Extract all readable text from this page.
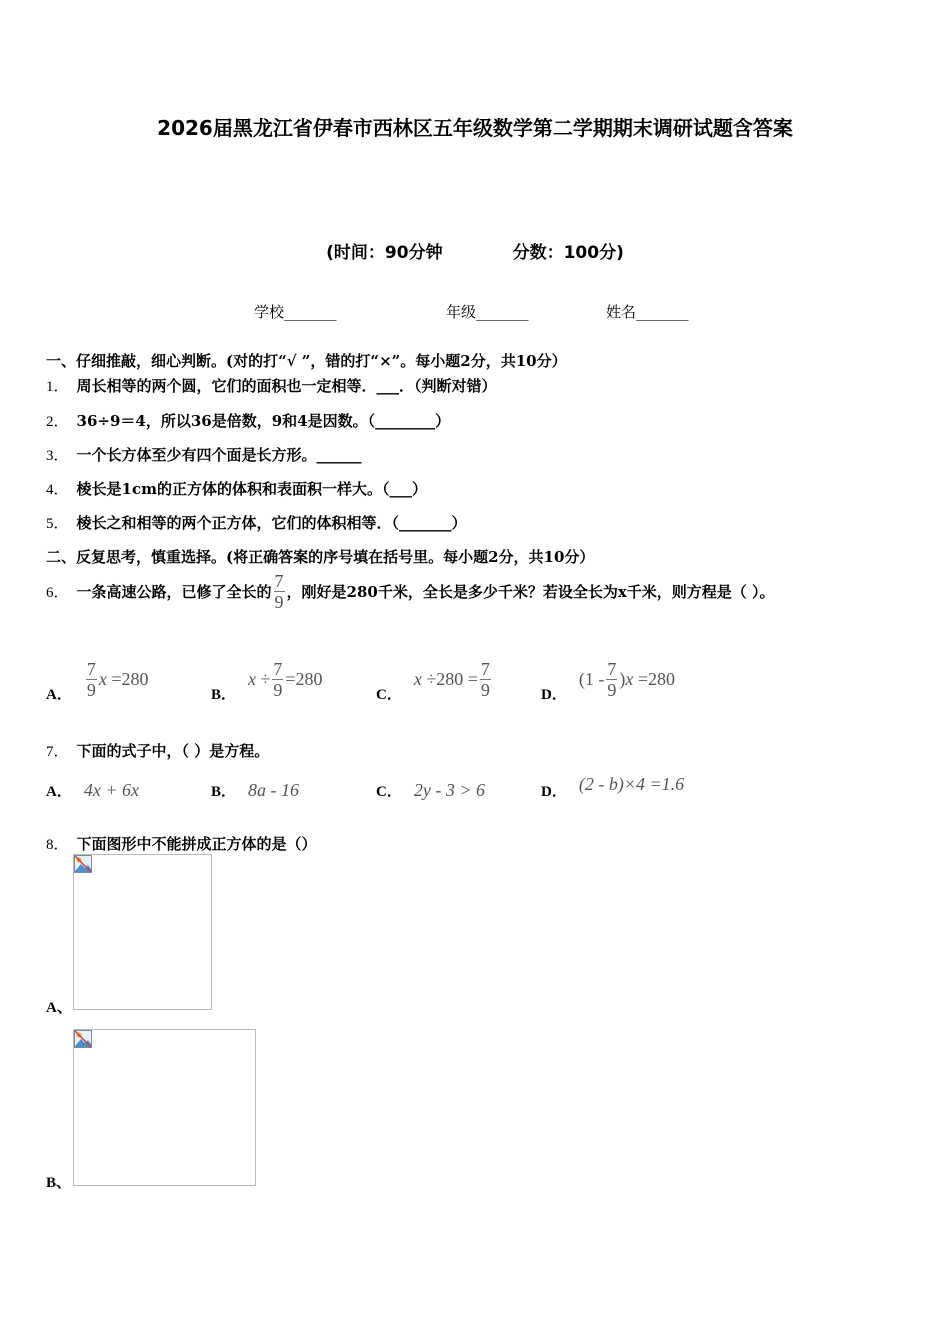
2026届黑龙江省伊春市西林区五年级数学第二学期期末调研试题含答案
(时间：90分钟	分数：100分)
学校_______	年级_______	姓名_______
一、仔细推敲，细心判断。(对的打“√ ”，错的打“×”。每小题2分，共10分）
1． 周长相等的两个圆，它们的面积也一定相等．___．（判断对错）
2． 36÷9＝4，所以36是倍数，9和4是因数。（________）
3． 一个长方体至少有四个面是长方形。______
4． 棱长是1cm的正方体的体积和表面积一样大。（___）
5． 棱长之和相等的两个正方体，它们的体积相等．（_______）
二、反复思考，慎重选择。(将正确答案的序号填在括号里。每小题2分，共10分）
6． 一条高速公路，已修了全长的 $\frac{7}{9}$ ，刚好是280千米，全长是多少千米？若设全长为x千米，则方程是（ ）。
A． $\frac{7}{9}$ x =280
B．
$x \div \frac{7}{9} =280$
C．
$x \div 280 = \frac{7}{9}$	D．
$(1 - \frac{7}{9} )x =280$
7． 下面的式子中，（ ）是方程。
A． 4x + 6x	B． 8a - 16	C． 2y - 3 > 6	D． (2 - b)×4 =1.6
8． 下面图形中不能拼成正方体的是（）
A、
B、
